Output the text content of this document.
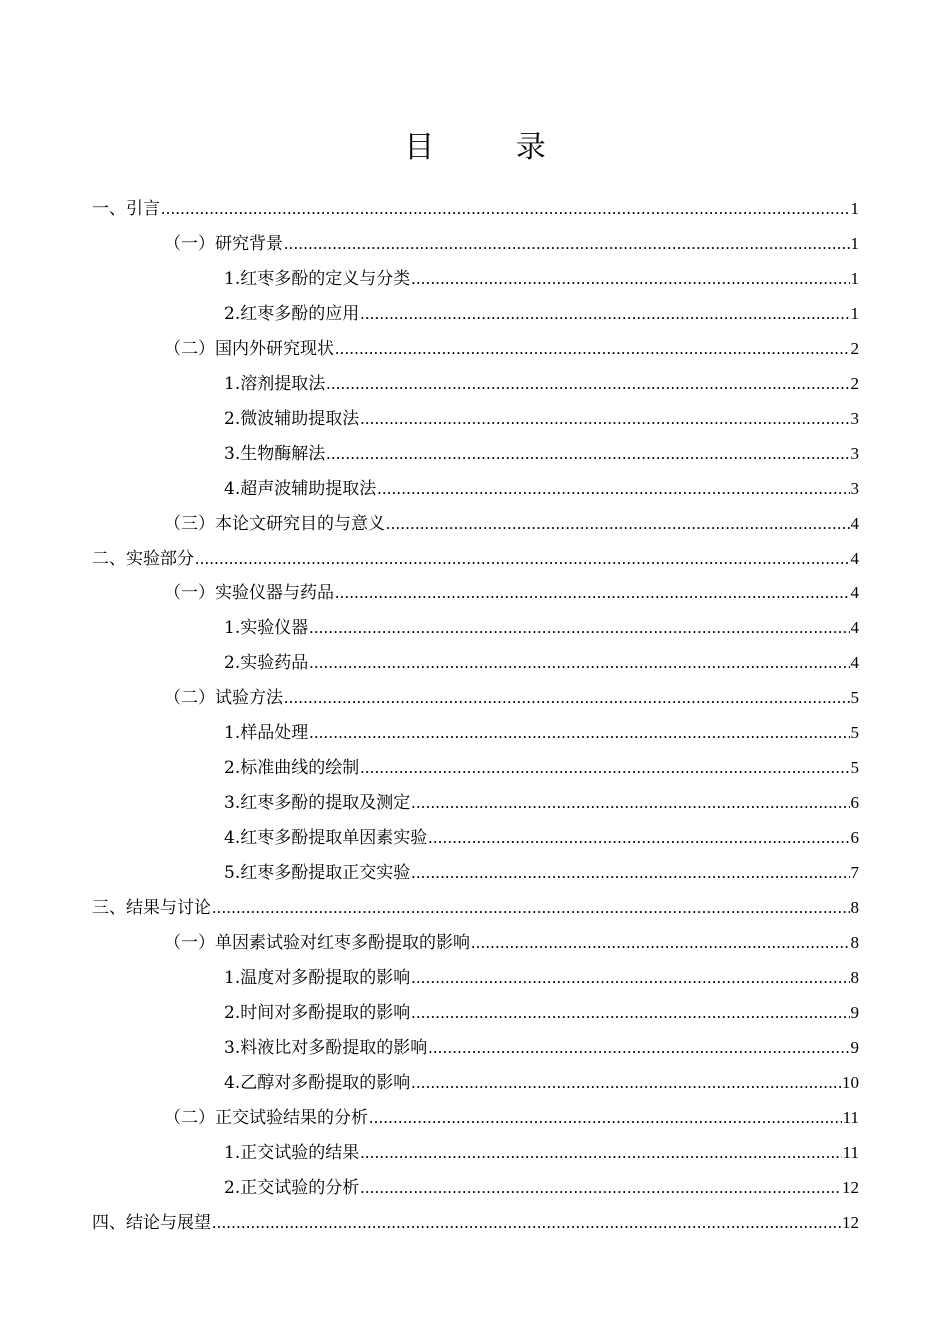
目 录
一、引言 .....	1
（一）研究背景 .....	1
1.红枣多酚的定义与分类 .....	1
2.红枣多酚的应用 .....	1
（二）国内外研究现状 .....	2
1.溶剂提取法 .....	2
2.微波辅助提取法 .....	3
3.生物酶解法 .....	3
4.超声波辅助提取法 .....	3
（三）本论文研究目的与意义 .....	4
二、实验部分 .....	4
（一）实验仪器与药品 .....	4
1.实验仪器 .....	4
2.实验药品 .....	4
（二）试验方法 .....	5
1.样品处理 .....	5
2.标准曲线的绘制 .....	5
3.红枣多酚的提取及测定 .....	6
4.红枣多酚提取单因素实验 .....	6
5.红枣多酚提取正交实验 .....	7
三、结果与讨论 .....	8
（一）单因素试验对红枣多酚提取的影响 .....	8
1.温度对多酚提取的影响 .....	8
2.时间对多酚提取的影响 .....	9
3.料液比对多酚提取的影响 .....	9
4.乙醇对多酚提取的影响 .....	10
（二）正交试验结果的分析 .....	11
1.正交试验的结果 .....	11
2.正交试验的分析 .....	12
四、结论与展望 .....	12
